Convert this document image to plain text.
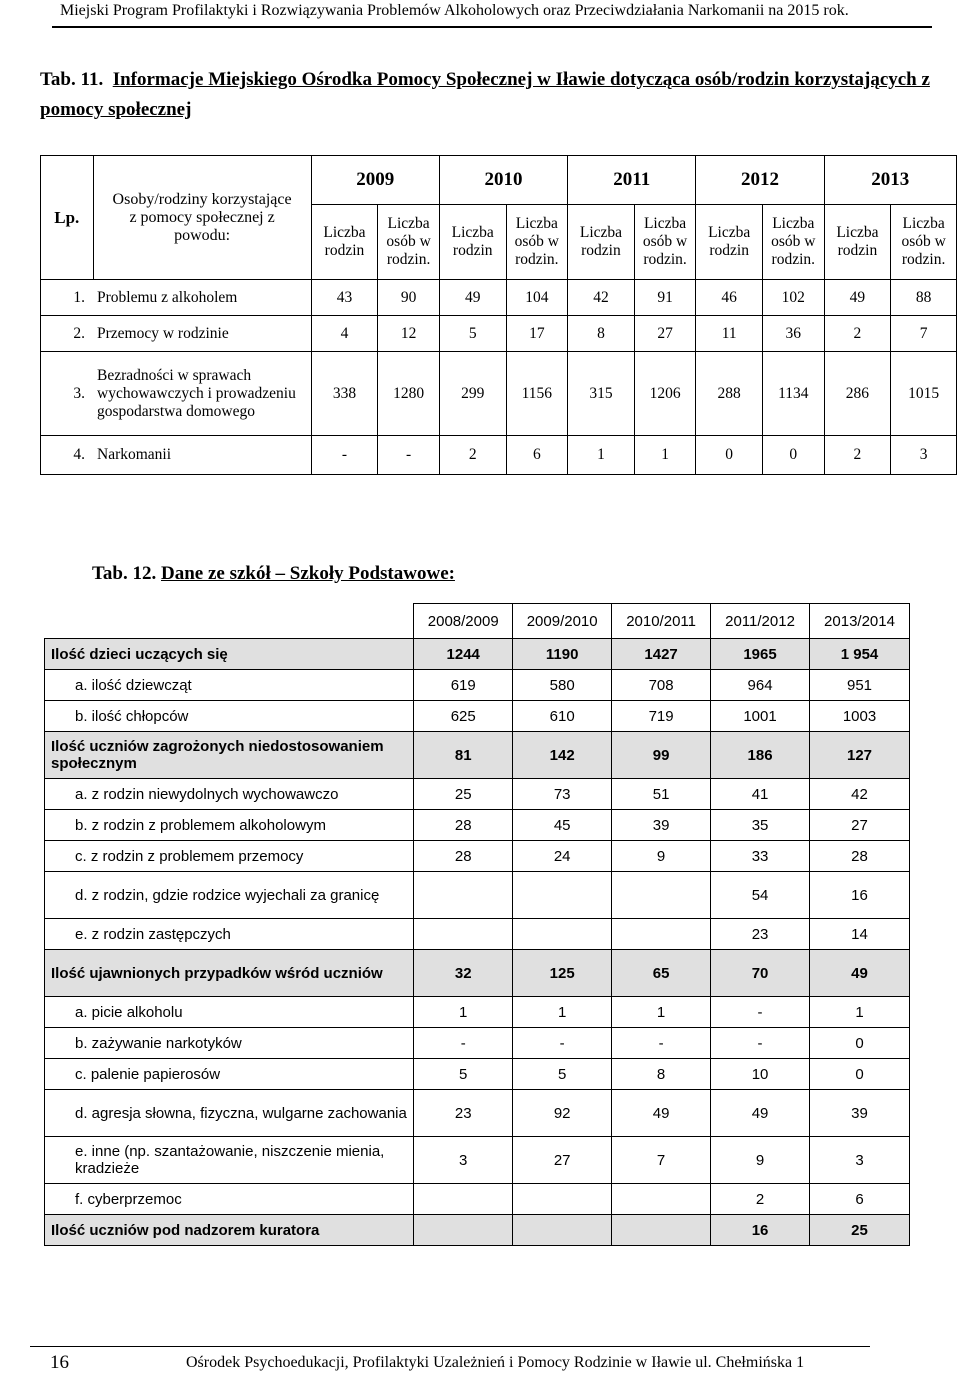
Miejski Program Profilaktyki i Rozwiązywania Problemów Alkoholowych oraz Przeciwdziałania Narkomanii na 2015 rok.
Tab. 11. Informacje Miejskiego Ośrodka Pomocy Społecznej w Iławie dotycząca osób/rodzin korzystających z pomocy społecznej
Lp.	Osoby/rodziny korzystające z pomocy społecznej z powodu:	2009		2010		2011		2012		2013	
		Liczba rodzin	Liczba osób w rodzin.	Liczba rodzin	Liczba osób w rodzin.	Liczba rodzin	Liczba osób w rodzin.	Liczba rodzin	Liczba osób w rodzin.	Liczba rodzin	Liczba osób w rodzin.
1.	Problemu z alkoholem	43	90	49	104	42	91	46	102	49	88
2.	Przemocy w rodzinie	4	12	5	17	8	27	11	36	2	7
3.	Bezradności w sprawach wychowawczych i prowadzeniu gospodarstwa domowego	338	1280	299	1156	315	1206	288	1134	286	1015
4.	Narkomanii	-	-	2	6	1	1	0	0	2	3
Tab. 12. Dane ze szkół – Szkoły Podstawowe:
	2008/2009	2009/2010	2010/2011	2011/2012	2013/2014
Ilość dzieci uczących się	1244	1190	1427	1965	1 954
a. ilość dziewcząt	619	580	708	964	951
b. ilość chłopców	625	610	719	1001	1003
Ilość uczniów zagrożonych niedostosowaniem społecznym	81	142	99	186	127
a. z rodzin niewydolnych wychowawczo	25	73	51	41	42
b. z rodzin z problemem alkoholowym	28	45	39	35	27
c. z rodzin z problemem przemocy	28	24	9	33	28
d. z rodzin, gdzie rodzice wyjechali za granicę				54	16
e. z rodzin zastępczych				23	14
Ilość ujawnionych przypadków wśród uczniów	32	125	65	70	49
a. picie alkoholu	1	1	1	-	1
b. zażywanie narkotyków	-	-	-	-	0
c. palenie papierosów	5	5	8	10	0
d. agresja słowna, fizyczna, wulgarne zachowania	23	92	49	49	39
e. inne (np. szantażowanie, niszczenie mienia, kradzieże	3	27	7	9	3
f. cyberprzemoc				2	6
Ilość uczniów pod nadzorem kuratora				16	25
16	Ośrodek Psychoedukacji, Profilaktyki Uzależnień i Pomocy Rodzinie w Iławie ul. Chełmińska 1
